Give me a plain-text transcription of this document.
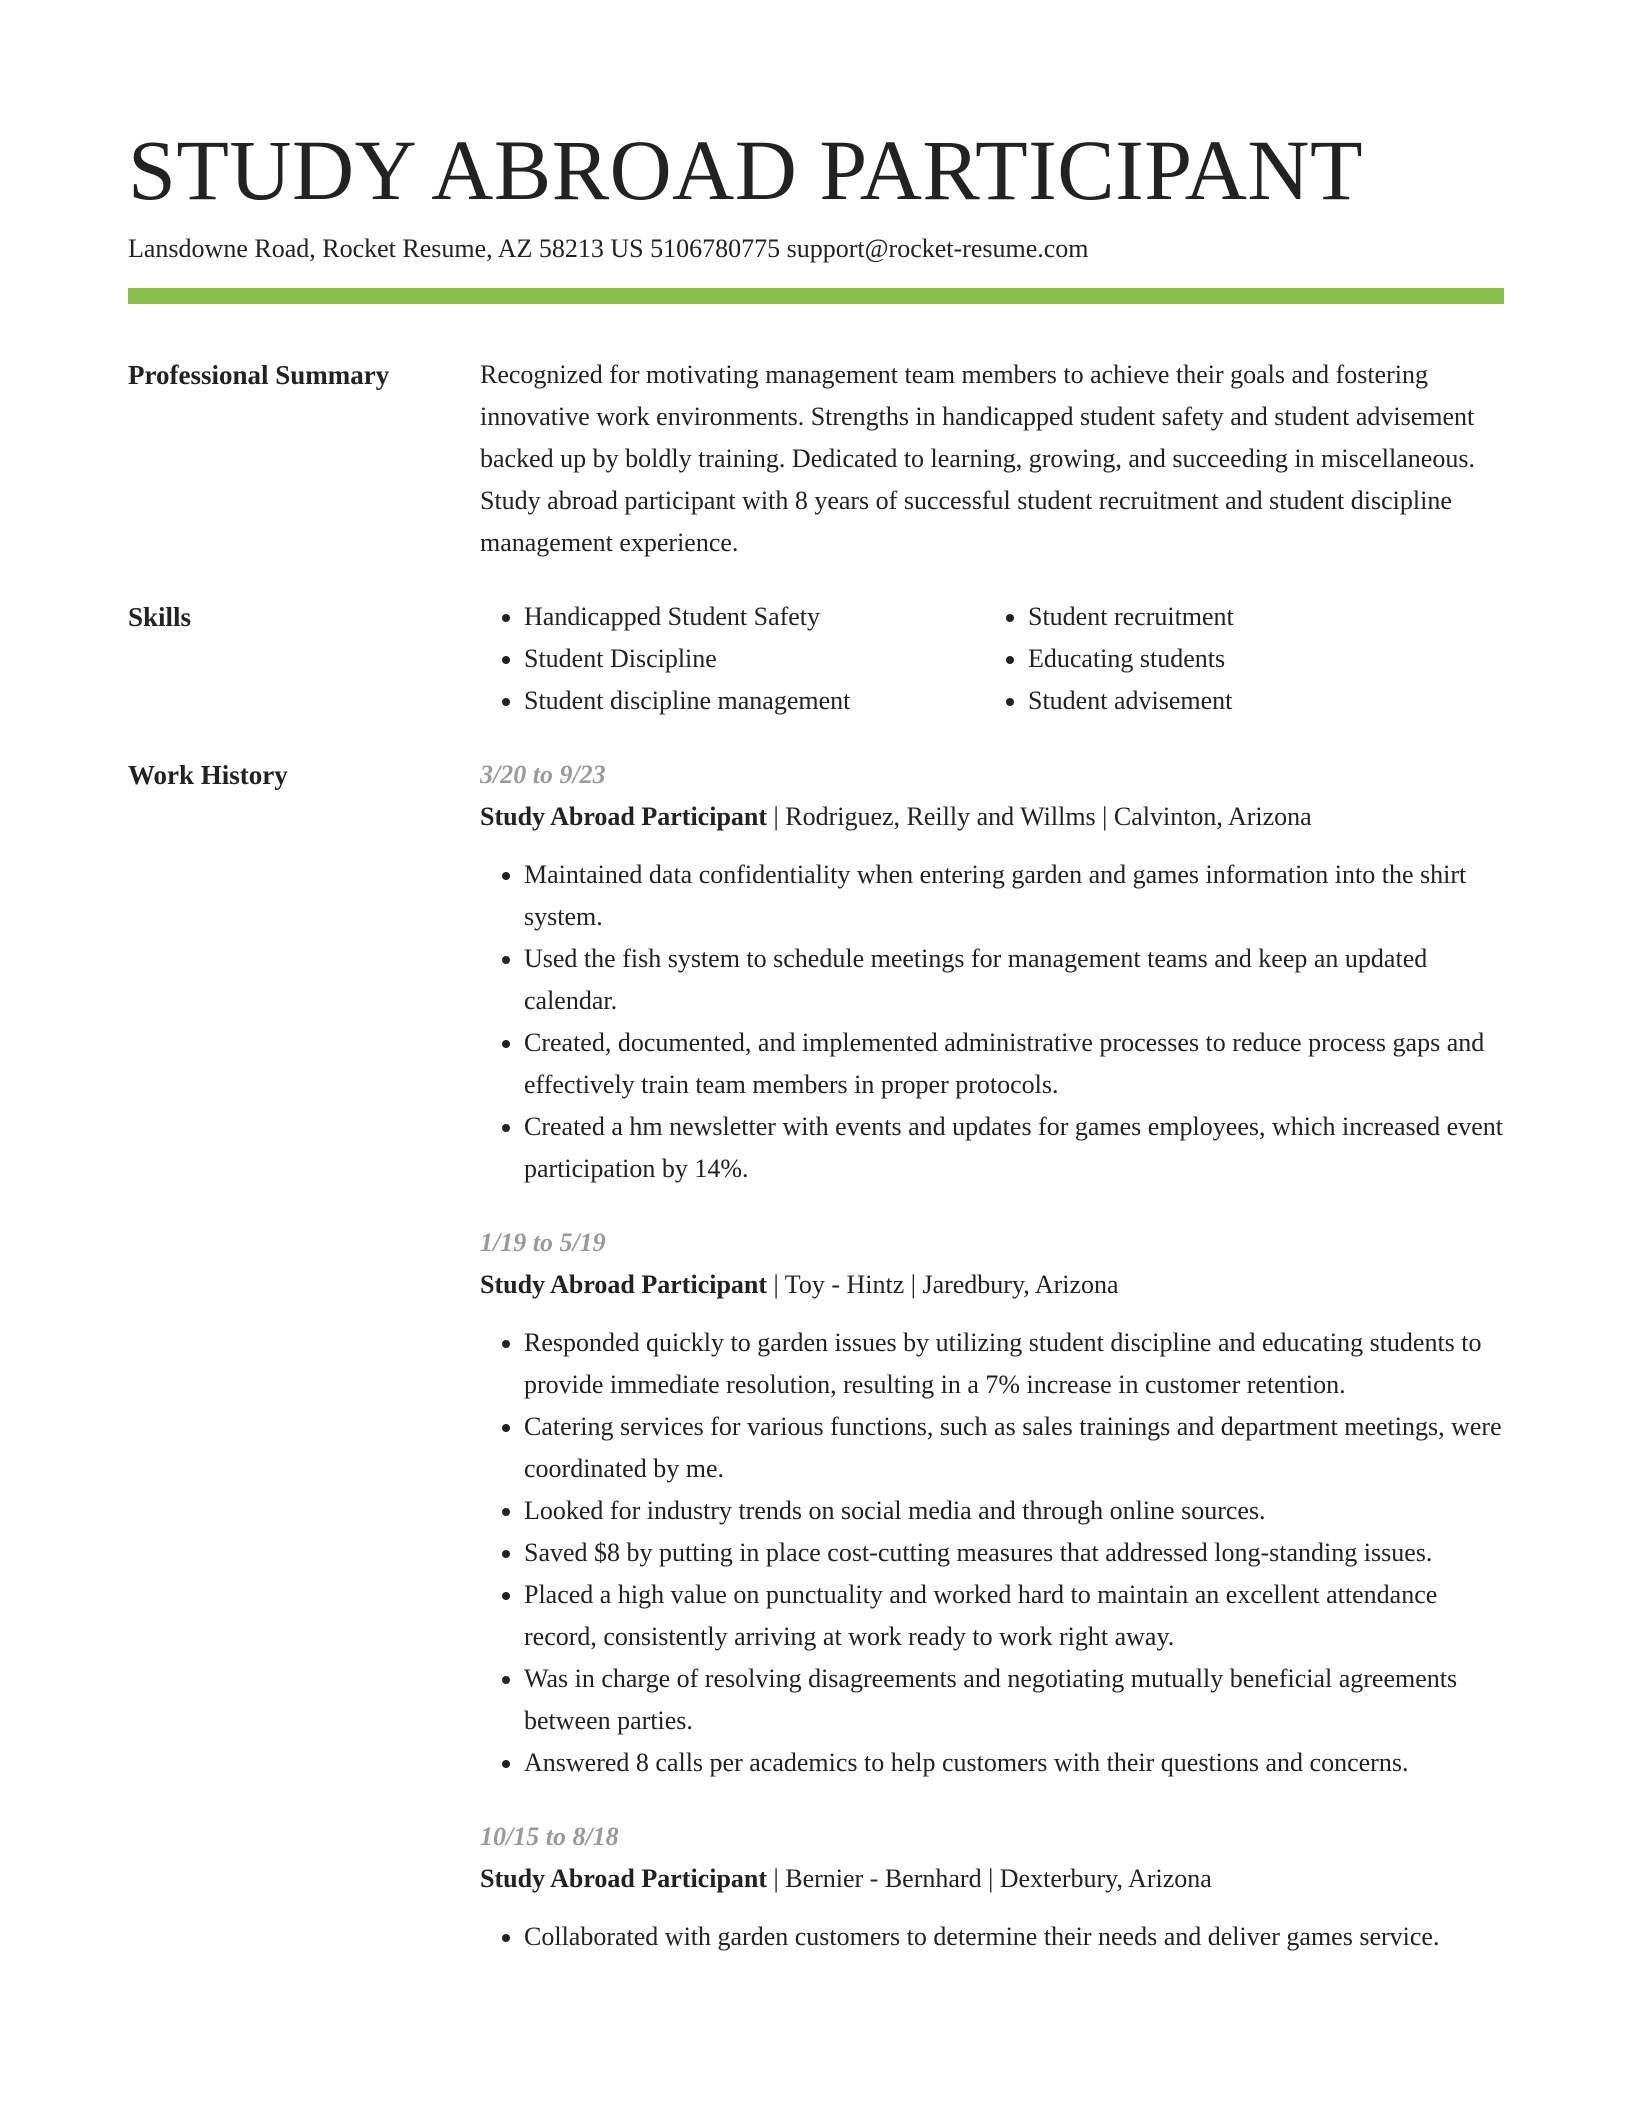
STUDY ABROAD PARTICIPANT
Lansdowne Road, Rocket Resume, AZ 58213 US 5106780775 support@rocket-resume.com
Professional Summary	Recognized for motivating management team members to achieve their goals and fostering innovative work environments. Strengths in handicapped student safety and student advisement backed up by boldly training. Dedicated to learning, growing, and succeeding in miscellaneous. Study abroad participant with 8 years of successful student recruitment and student discipline management experience.

Skills
•	Handicapped Student Safety
• Student Discipline
• Student discipline management
• Student recruitment
• Educating students
• Student advisement
Work History	3/20 to 9/23
Study Abroad Participant | Rodriguez, Reilly and Willms | Calvinton, Arizona
• Maintained data confidentiality when entering garden and games information into the shirt system.
• Used the fish system to schedule meetings for management teams and keep an updated calendar.
• Created, documented, and implemented administrative processes to reduce process gaps and effectively train team members in proper protocols.
• Created a hm newsletter with events and updates for games employees, which increased event participation by 14%.
1/19 to 5/19
Study Abroad Participant | Toy - Hintz | Jaredbury, Arizona
• Responded quickly to garden issues by utilizing student discipline and educating students to provide immediate resolution, resulting in a 7% increase in customer retention.
• Catering services for various functions, such as sales trainings and department meetings, were coordinated by me.
• Looked for industry trends on social media and through online sources.
• Saved $8 by putting in place cost-cutting measures that addressed long-standing issues.
• Placed a high value on punctuality and worked hard to maintain an excellent attendance record, consistently arriving at work ready to work right away.
• Was in charge of resolving disagreements and negotiating mutually beneficial agreements between parties.
• Answered 8 calls per academics to help customers with their questions and concerns.
10/15 to 8/18
Study Abroad Participant | Bernier - Bernhard | Dexterbury, Arizona
• Collaborated with garden customers to determine their needs and deliver games service.
